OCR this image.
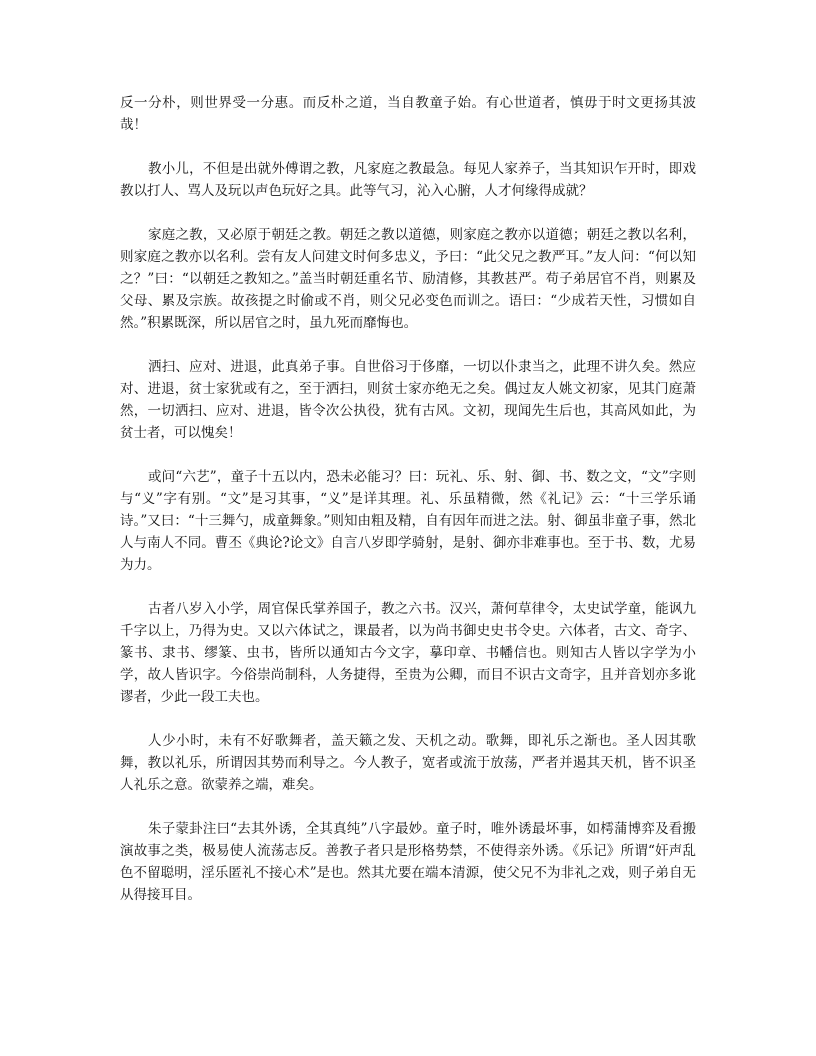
反一分朴，则世界受一分惠。而反朴之道，当自教童子始。有心世道者，慎毋于时文更扬其波哉！

教小儿，不但是出就外傅谓之教，凡家庭之教最急。每见人家养子，当其知识乍开时，即戏教以打人、骂人及玩以声色玩好之具。此等气习，沁入心腑，人才何缘得成就？

家庭之教，又必原于朝廷之教。朝廷之教以道德，则家庭之教亦以道德；朝廷之教以名利，则家庭之教亦以名利。尝有友人问建文时何多忠义，予曰：“此父兄之教严耳。”友人问：“何以知之？”曰：“以朝廷之教知之。”盖当时朝廷重名节、励清修，其教甚严。苟子弟居官不肖，则累及父母、累及宗族。故孩提之时偷或不肖，则父兄必变色而训之。语曰：“少成若天性，习惯如自然。”积累既深，所以居官之时，虽九死而靡悔也。

洒扫、应对、进退，此真弟子事。自世俗习于侈靡，一切以仆隶当之，此理不讲久矣。然应对、进退，贫士家犹或有之，至于洒扫，则贫士家亦绝无之矣。偶过友人姚文初家，见其门庭萧然，一切洒扫、应对、进退，皆令次公执役，犹有古风。文初，现闻先生后也，其高风如此，为贫士者，可以愧矣！

或问“六艺”，童子十五以内，恐未必能习？曰：玩礼、乐、射、御、书、数之文，“文”字则与“义”字有别。“文”是习其事，“义”是详其理。礼、乐虽精微，然《礼记》云：“十三学乐诵诗。”又曰：“十三舞勺，成童舞象。”则知由粗及精，自有因年而进之法。射、御虽非童子事，然北人与南人不同。曹丕《典论?论文》自言八岁即学骑射，是射、御亦非难事也。至于书、数，尤易为力。

古者八岁入小学，周官保氏掌养国子，教之六书。汉兴，萧何草律令，太史试学童，能讽九千字以上，乃得为史。又以六体试之，课最者，以为尚书御史史书令史。六体者，古文、奇字、篆书、隶书、缪篆、虫书，皆所以通知古今文字，摹印章、书幡信也。则知古人皆以字学为小学，故人皆识字。今俗崇尚制科，人务捷得，至贵为公卿，而目不识古文奇字，且并音划亦多讹谬者，少此一段工夫也。

人少小时，未有不好歌舞者，盖天籁之发、天机之动。歌舞，即礼乐之渐也。圣人因其歌舞，教以礼乐，所谓因其势而利导之。今人教子，宽者或流于放荡，严者并遏其天机，皆不识圣人礼乐之意。欲蒙养之端，难矣。

朱子蒙卦注曰“去其外诱，全其真纯”八字最妙。童子时，唯外诱最坏事，如樗蒲博弈及看搬演故事之类，极易使人流荡志反。善教子者只是形格势禁，不使得亲外诱。《乐记》所谓“奸声乱色不留聪明，淫乐匿礼不接心术”是也。然其尤要在端本清源，使父兄不为非礼之戏，则子弟自无从得接耳目。
